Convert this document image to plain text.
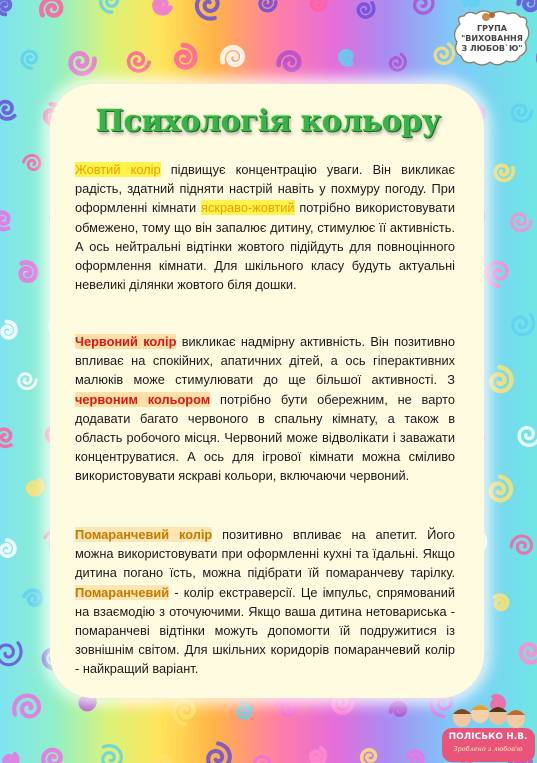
ГРУПА
"ВИХОВАННЯ
З ЛЮБОВ`Ю"
Психологія кольору
Жовтий колір підвищує концентрацію уваги. Він викликає радість, здатний підняти настрій навіть у похмуру погоду. При оформленні кімнати яскраво-жовтий потрібно використовувати обмежено, тому що він запалює дитину, стимулює її активність. А ось нейтральні відтінки жовтого підійдуть для повноцінного оформлення кімнати. Для шкільного класу будуть актуальні невеликі ділянки жовтого біля дошки.
Червоний колір викликає надмірну активність. Він позитивно впливає на спокійних, апатичних дітей, а ось гіперактивних малюків може стимулювати до ще більшої активності. З червоним кольором потрібно бути обережним, не варто додавати багато червоного в спальну кімнату, а також в область робочого місця. Червоний може відволікати і заважати концентруватися. А ось для ігрової кімнати можна сміливо використовувати яскраві кольори, включаючи червоний.
Помаранчевий колір позитивно впливає на апетит. Його можна використовувати при оформленні кухні та їдальні. Якщо дитина погано їсть, можна підібрати їй помаранчеву тарілку. Помаранчевий - колір екстраверсії. Це імпульс, спрямований на взаємодію з оточуючими. Якщо ваша дитина нетовариська - помаранчеві відтінки можуть допомогти їй подружитися із зовнішнім світом. Для шкільних коридорів помаранчевий колір - найкращий варіант.
ПОЛІСЬКО Н.В.
Зроблено з любов'ю
